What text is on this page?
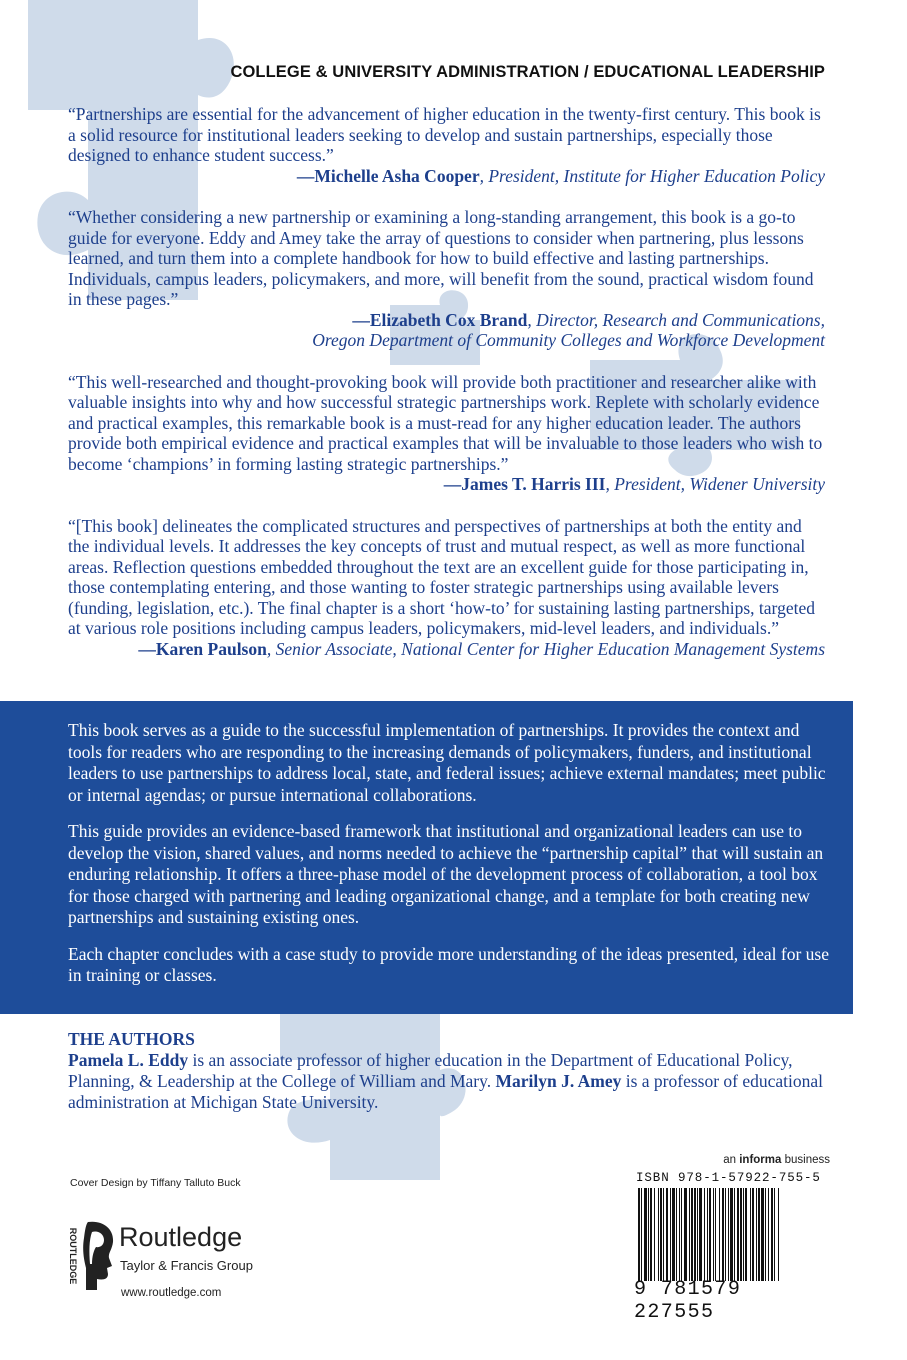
COLLEGE & UNIVERSITY ADMINISTRATION / EDUCATIONAL LEADERSHIP
“Partnerships are essential for the advancement of higher education in the twenty-first century. This book is a solid resource for institutional leaders seeking to develop and sustain partnerships, especially those designed to enhance student success.”
—Michelle Asha Cooper, President, Institute for Higher Education Policy
“Whether considering a new partnership or examining a long-standing arrangement, this book is a go-to guide for everyone. Eddy and Amey take the array of questions to consider when partnering, plus lessons learned, and turn them into a complete handbook for how to build effective and lasting partnerships. Individuals, campus leaders, policymakers, and more, will benefit from the sound, practical wisdom found in these pages.”
—Elizabeth Cox Brand, Director, Research and Communications,
Oregon Department of Community Colleges and Workforce Development
“This well-researched and thought-provoking book will provide both practitioner and researcher alike with valuable insights into why and how successful strategic partnerships work. Replete with scholarly evidence and practical examples, this remarkable book is a must-read for any higher education leader. The authors provide both empirical evidence and practical examples that will be invaluable to those leaders who wish to become ‘champions’ in forming lasting strategic partnerships.”
—James T. Harris III, President, Widener University
“[This book] delineates the complicated structures and perspectives of partnerships at both the entity and the individual levels. It addresses the key concepts of trust and mutual respect, as well as more functional areas. Reflection questions embedded throughout the text are an excellent guide for those participating in, those contemplating entering, and those wanting to foster strategic partnerships using available levers (funding, legislation, etc.). The final chapter is a short ‘how-to’ for sustaining lasting partnerships, targeted at various role positions including campus leaders, policymakers, mid-level leaders, and individuals.”
—Karen Paulson, Senior Associate, National Center for Higher Education Management Systems

This book serves as a guide to the successful implementation of partnerships. It provides the context and tools for readers who are responding to the increasing demands of policymakers, funders, and institutional leaders to use partnerships to address local, state, and federal issues; achieve external mandates; meet public or internal agendas; or pursue international collaborations.

This guide provides an evidence-based framework that institutional and organizational leaders can use to develop the vision, shared values, and norms needed to achieve the “partnership capital” that will sustain an enduring relationship. It offers a three-phase model of the development process of collaboration, a tool box for those charged with partnering and leading organizational change, and a template for both creating new partnerships and sustaining existing ones.

Each chapter concludes with a case study to provide more understanding of the ideas presented, ideal for use in training or classes.

THE AUTHORS

Pamela L. Eddy is an associate professor of higher education in the Department of Educational Policy, Planning, & Leadership at the College of William and Mary. Marilyn J. Amey is a professor of educational administration at Michigan State University.

Cover Design by Tiffany Talluto Buck
ROUTLEDGE Routledge
Taylor & Francis Group
www.routledge.com
an informa business
ISBN 978-1-57922-755-5
9 781579 227555
